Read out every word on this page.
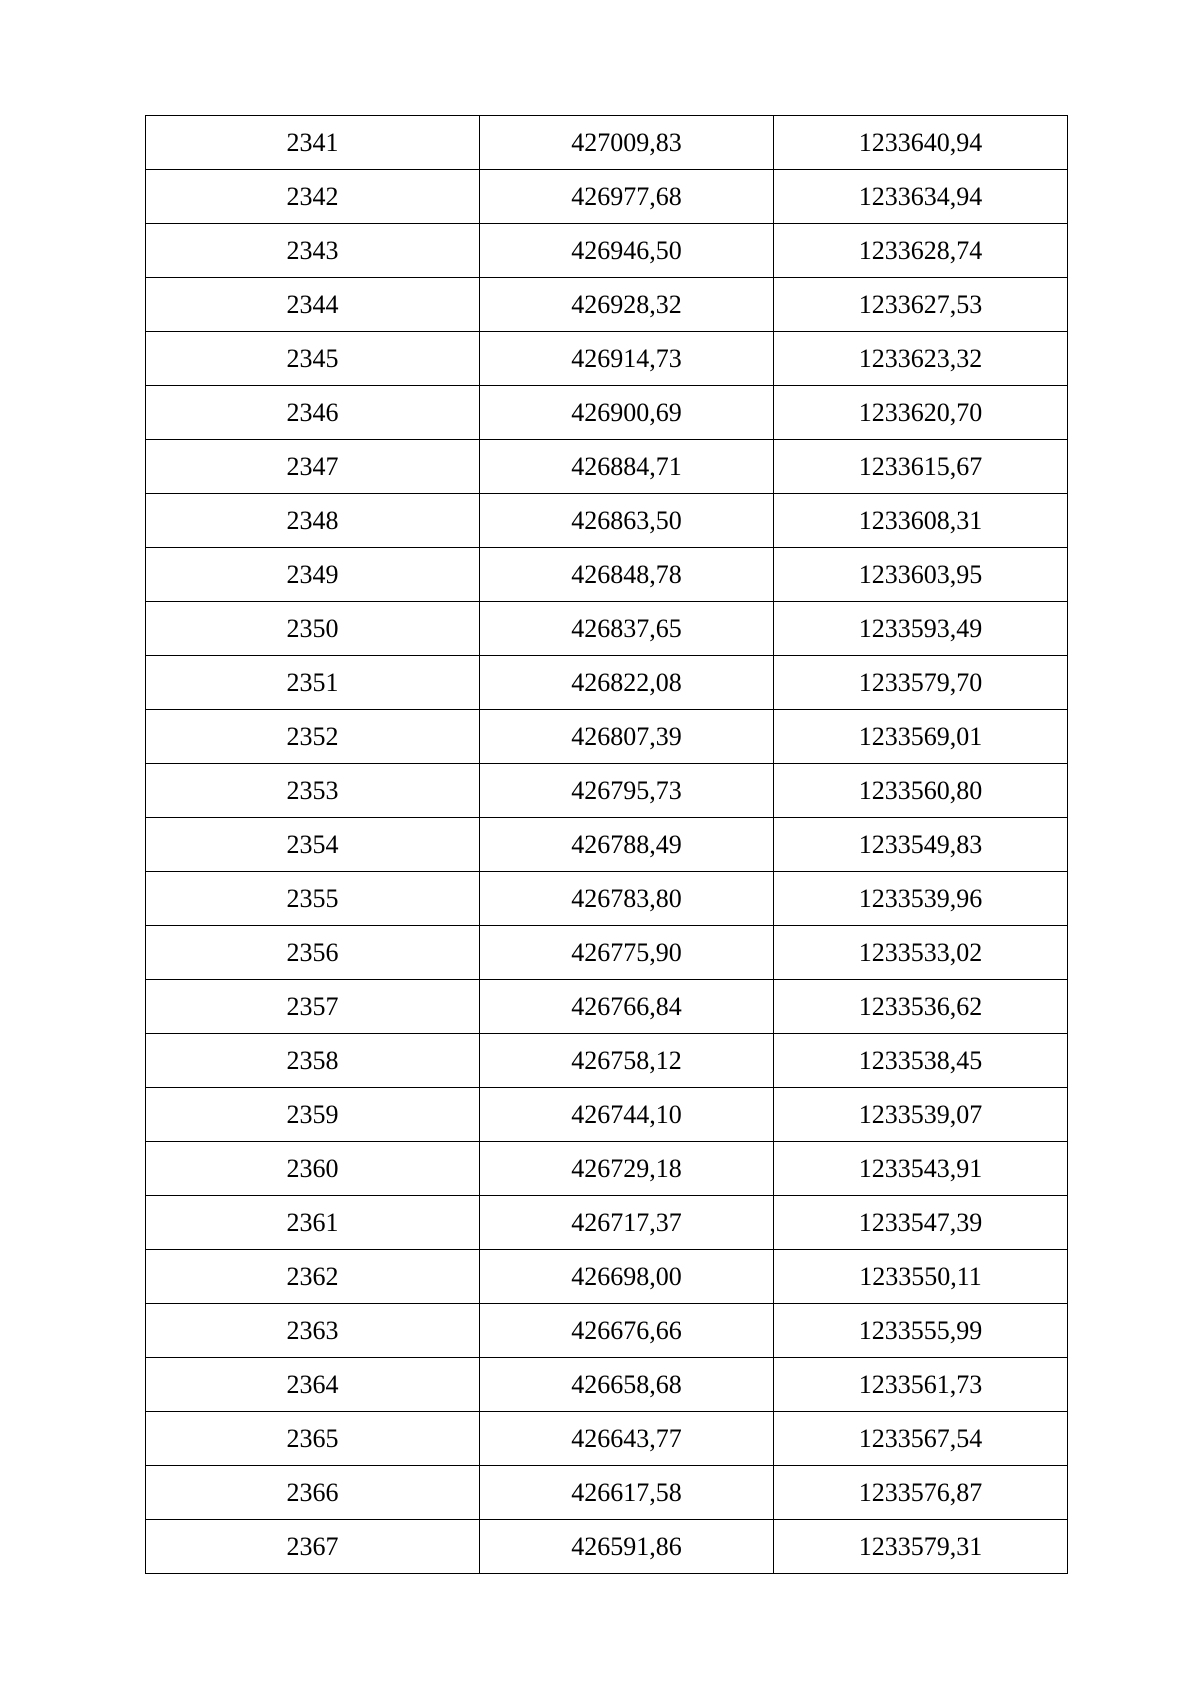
2341	427009,83	1233640,94
2342	426977,68	1233634,94
2343	426946,50	1233628,74
2344	426928,32	1233627,53
2345	426914,73	1233623,32
2346	426900,69	1233620,70
2347	426884,71	1233615,67
2348	426863,50	1233608,31
2349	426848,78	1233603,95
2350	426837,65	1233593,49
2351	426822,08	1233579,70
2352	426807,39	1233569,01
2353	426795,73	1233560,80
2354	426788,49	1233549,83
2355	426783,80	1233539,96
2356	426775,90	1233533,02
2357	426766,84	1233536,62
2358	426758,12	1233538,45
2359	426744,10	1233539,07
2360	426729,18	1233543,91
2361	426717,37	1233547,39
2362	426698,00	1233550,11
2363	426676,66	1233555,99
2364	426658,68	1233561,73
2365	426643,77	1233567,54
2366	426617,58	1233576,87
2367	426591,86	1233579,31
